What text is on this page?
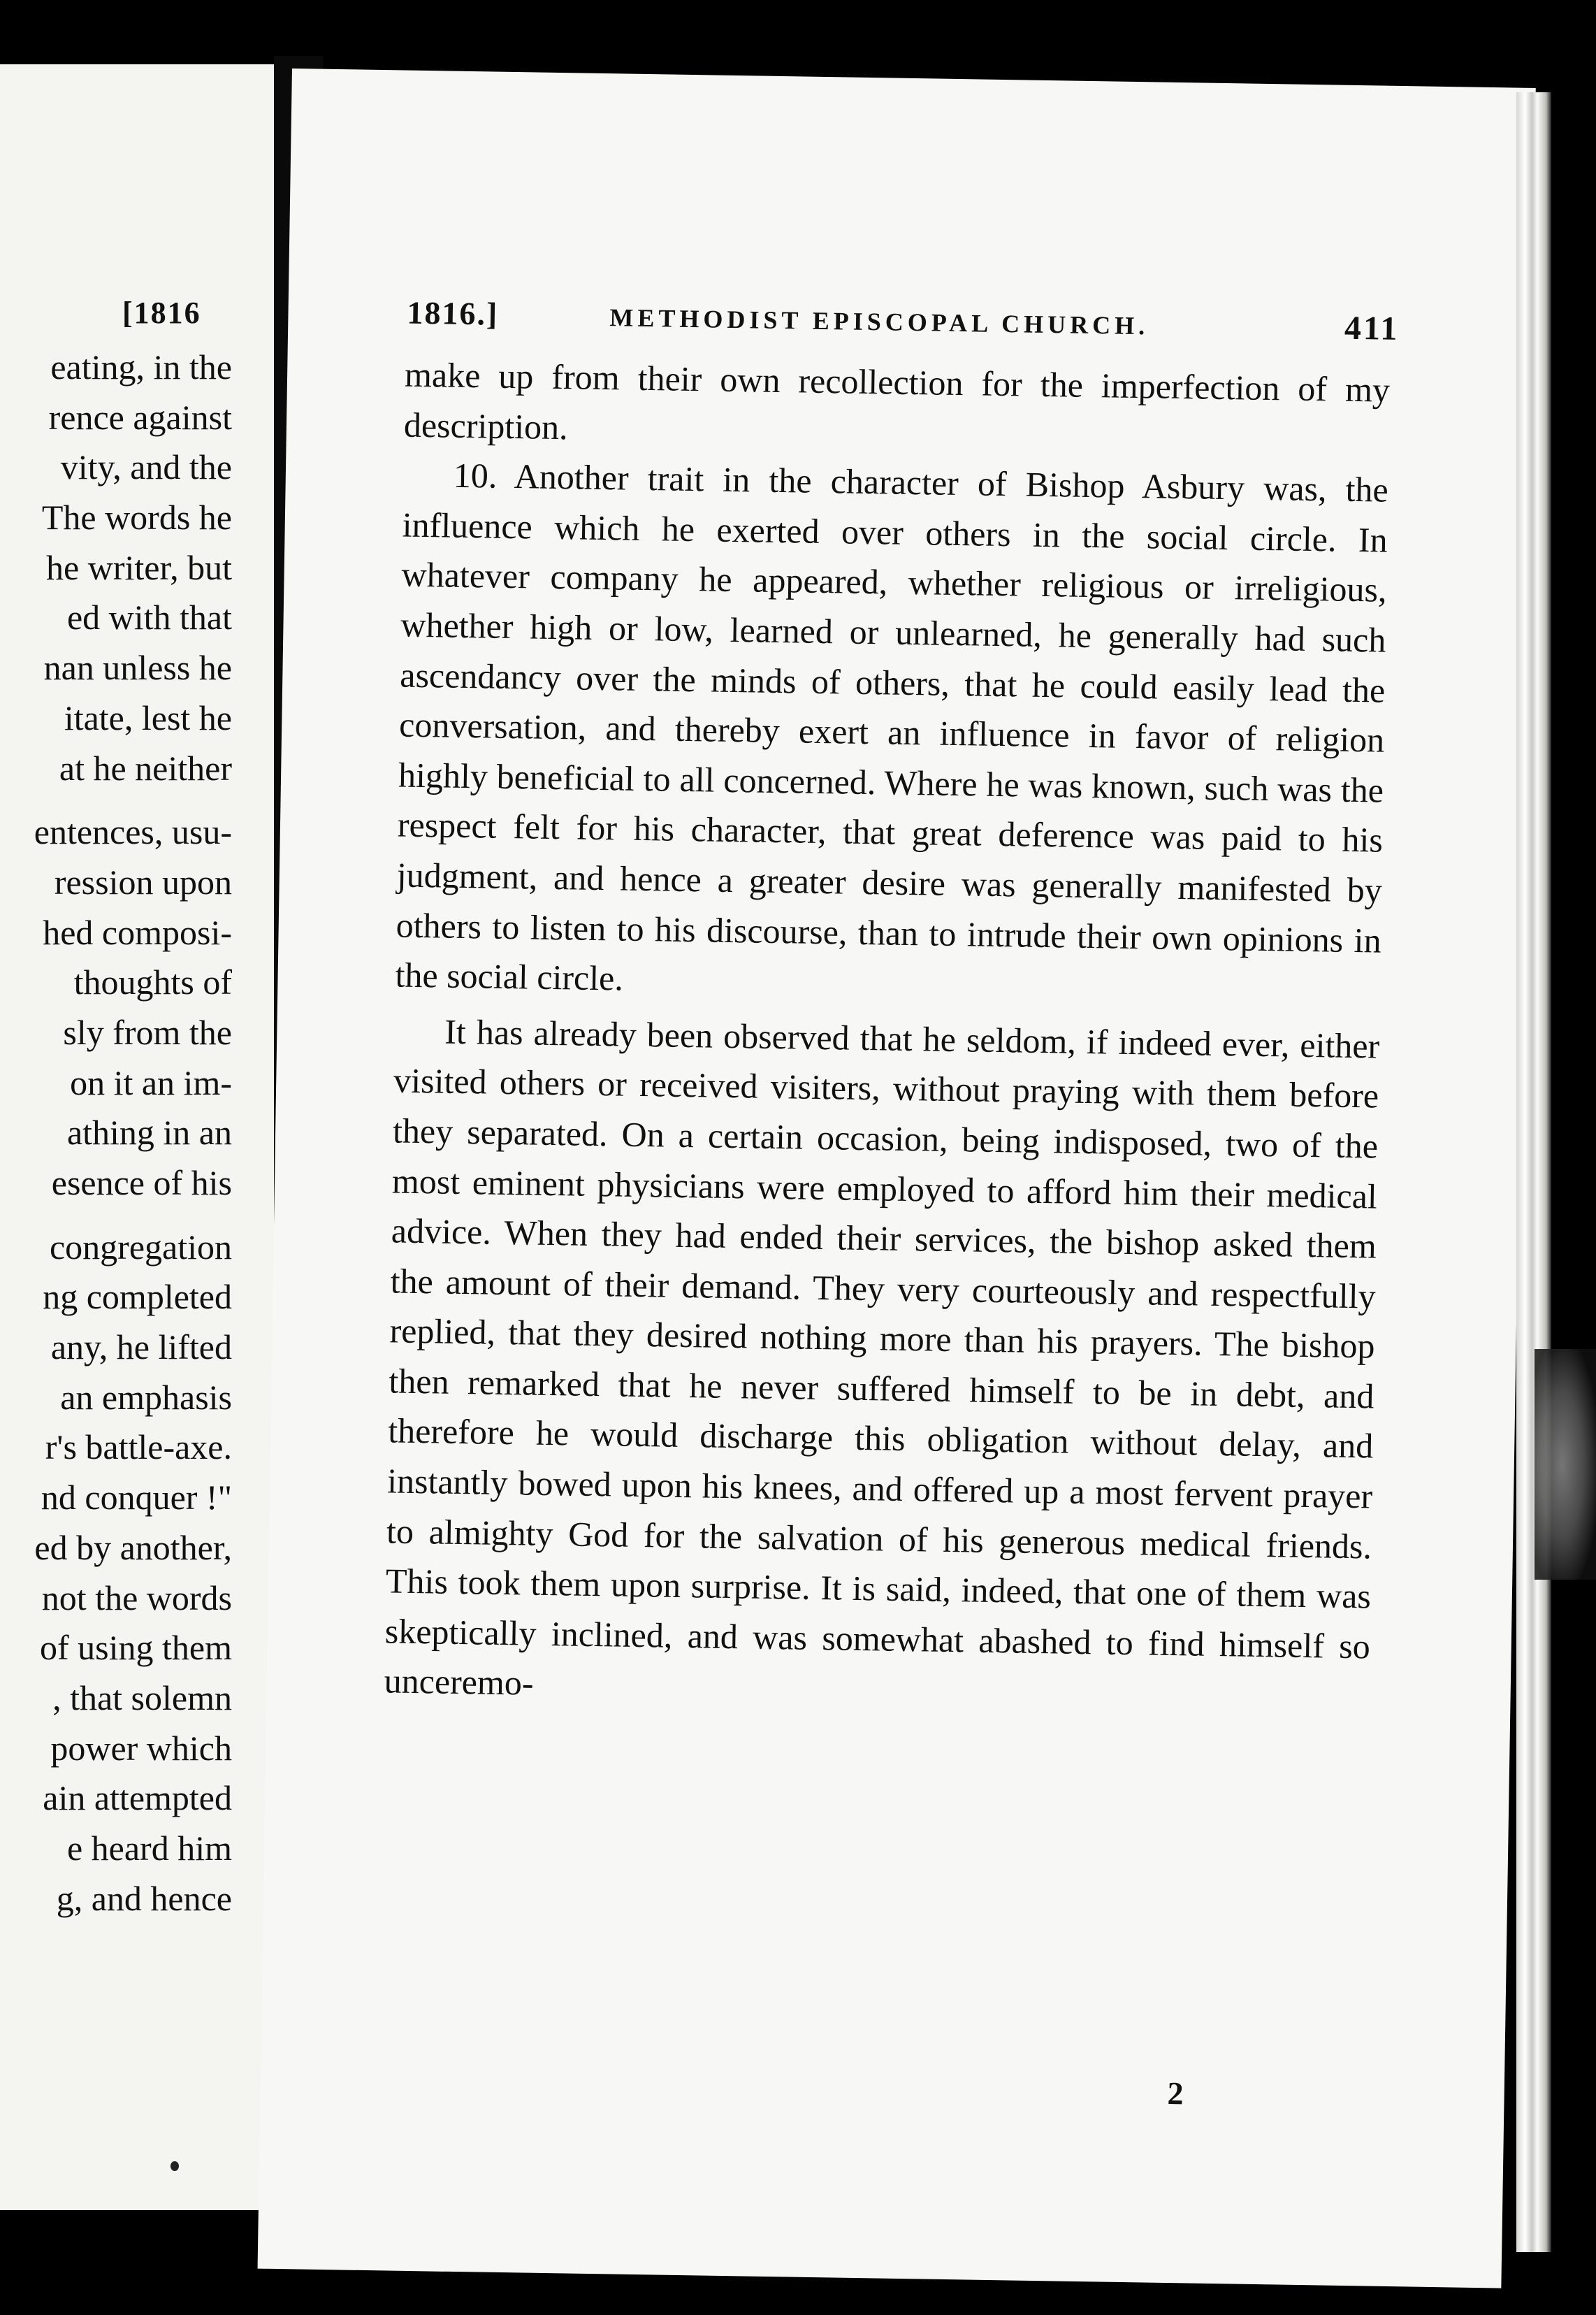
[1816
eating, in the
rence against
vity, and the
The words he
he writer, but
ed with that
nan unless he
itate, lest he
at he neither
entences, usu-
ression upon
hed composi-
thoughts of
sly from the
on it an im-
athing in an
esence of his
congregation
ng completed
any, he lifted
an emphasis
r's battle-axe.
nd conquer !"
ed by another,
not the words
of using them
, that solemn
power which
ain attempted
e heard him
g, and hence
1816.]	METHODIST EPISCOPAL CHURCH.	411

make up from their own recollection for the imperfection of my description.

10. Another trait in the character of Bishop Asbury was, the influence which he exerted over others in the social circle. In whatever company he appeared, whether religious or irreligious, whether high or low, learned or unlearned, he generally had such ascendancy over the minds of others, that he could easily lead the conversation, and thereby exert an influence in favor of religion highly beneficial to all concerned. Where he was known, such was the respect felt for his character, that great deference was paid to his judgment, and hence a greater desire was generally manifested by others to listen to his discourse, than to intrude their own opinions in the social circle.

It has already been observed that he seldom, if indeed ever, either visited others or received visiters, without praying with them before they separated. On a certain occasion, being indisposed, two of the most eminent physicians were employed to afford him their medical advice. When they had ended their services, the bishop asked them the amount of their demand. They very courteously and respectfully replied, that they desired nothing more than his prayers. The bishop then remarked that he never suffered himself to be in debt, and therefore he would discharge this obligation without delay, and instantly bowed upon his knees, and offered up a most fervent prayer to almighty God for the salvation of his generous medical friends. This took them upon surprise. It is said, indeed, that one of them was skeptically inclined, and was somewhat abashed to find himself so unceremo-

2
